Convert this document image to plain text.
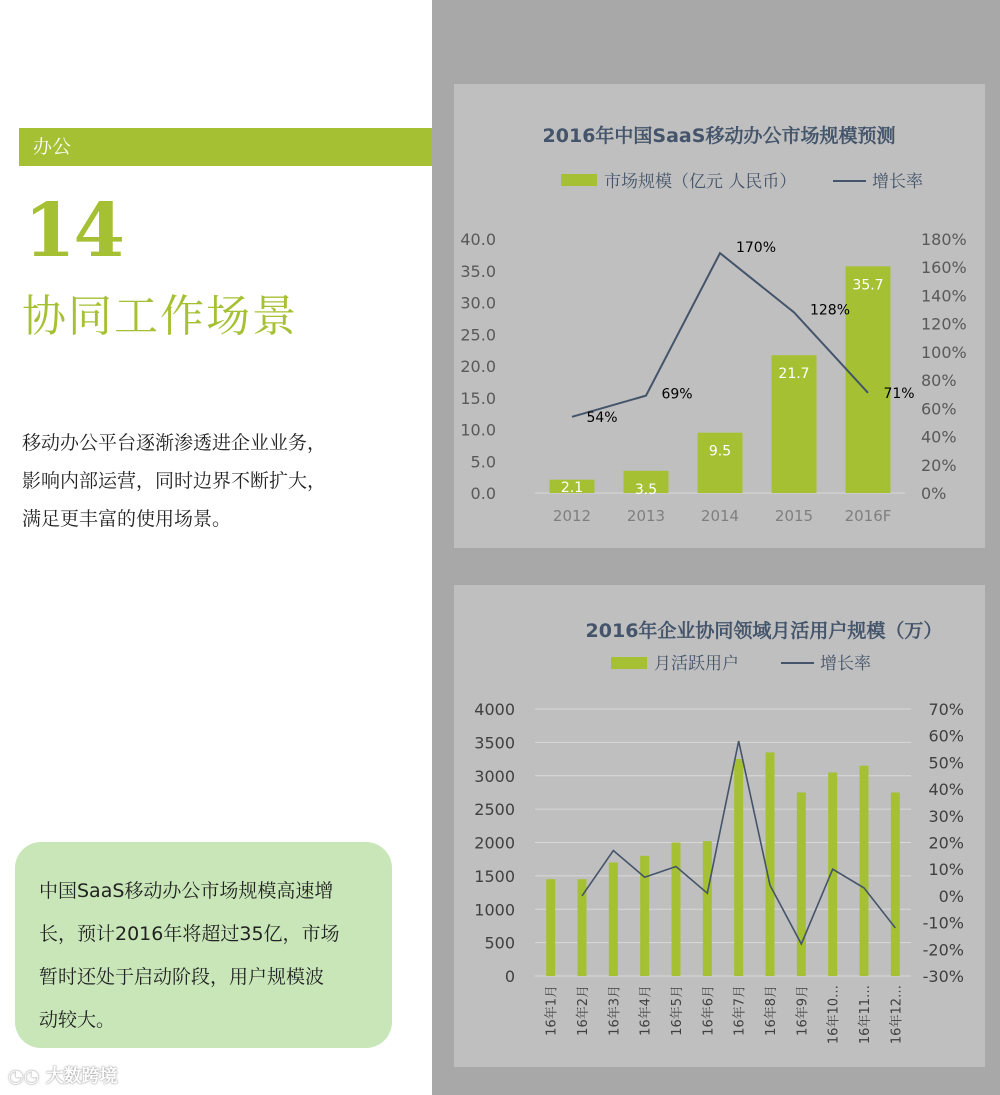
办公
14
协同工作场景
移动办公平台逐渐渗透进企业业务，
影响内部运营，同时边界不断扩大，
满足更丰富的使用场景。
中国SaaS移动办公市场规模高速增
长，预计2016年将超过35亿，市场
暂时还处于启动阶段，用户规模波
动较大。
◔◔ 大数跨境
2016年中国SaaS移动办公市场规模预测
市场规模（亿元 人民币）	增长率
0.0
5.0
10.0
15.0
20.0
25.0
30.0
35.0
40.0
0%
20%
40%
60%
80%
100%
120%
140%
160%
180%
2012 2013 2014 2015 2016F
2.1	3.5
9.5
21.7
35.7
54%
69%
170%
128%
71%
2016年企业协同领域月活用户规模（万）
月活跃用户	增长率
0
500
1000
1500
2000
2500
3000
3500
4000
-30%
-20%
-10%
0%
10%
20%
30%
40%
50%
60%
70%
16年1月 16年2月 16年3月 16年4月 16年5月 16年6月 16年7月 16年8月 16年9月 16年10… 16年11… 16年12…
